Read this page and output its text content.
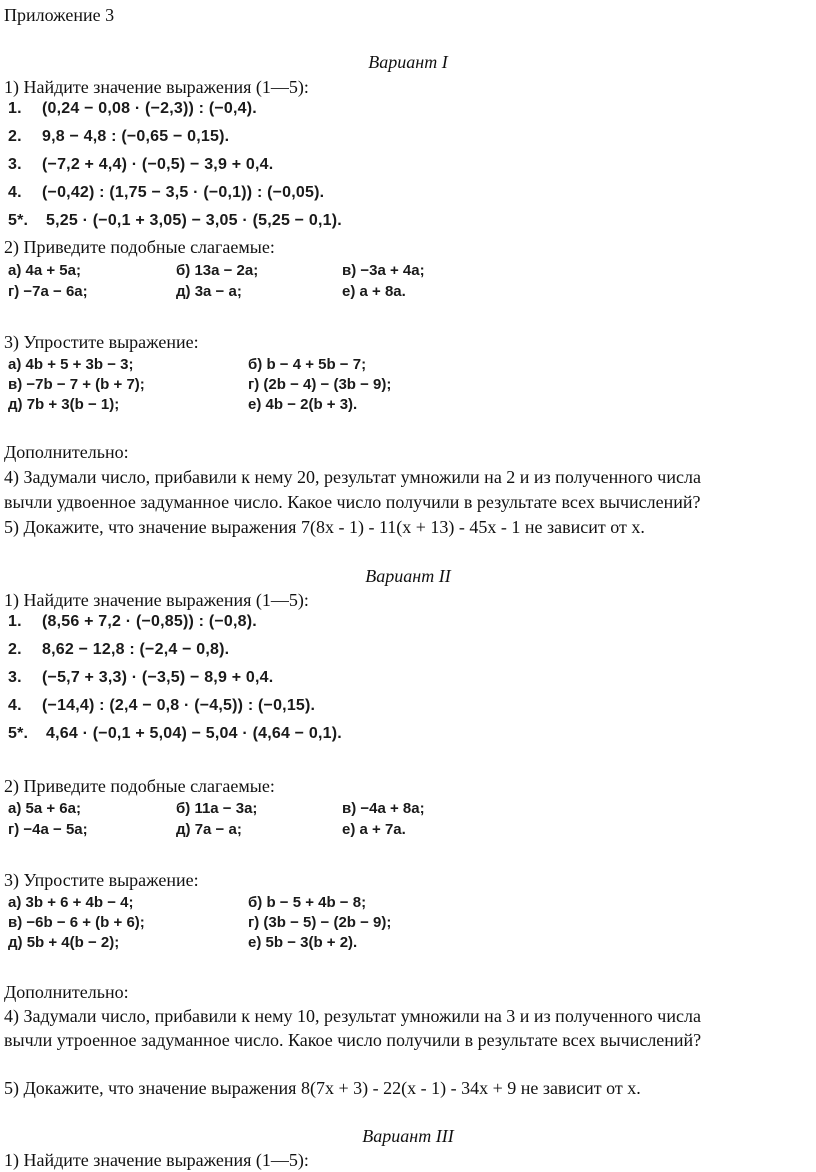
Приложение 3
Вариант I
1) Найдите значение выражения (1—5):
1. (0,24 − 0,08 · (−2,3)) : (−0,4).
2. 9,8 − 4,8 : (−0,65 − 0,15).
3. (−7,2 + 4,4) · (−0,5) − 3,9 + 0,4.
4. (−0,42) : (1,75 − 3,5 · (−0,1)) : (−0,05).
5*. 5,25 · (−0,1 + 3,05) − 3,05 · (5,25 − 0,1).
2) Приведите подобные слагаемые:
а) 4a + 5a;	б) 13a − 2a;	в) −3a + 4a;
г) −7a − 6a;	д) 3a − a;	е) a + 8a.
3) Упростите выражение:
а) 4b + 5 + 3b − 3;	б) b − 4 + 5b − 7;
в) −7b − 7 + (b + 7);	г) (2b − 4) − (3b − 9);
д) 7b + 3(b − 1);	е) 4b − 2(b + 3).
Дополнительно:
4) Задумали число, прибавили к нему 20, результат умножили на 2 и из полученного числа
вычли удвоенное задуманное число. Какое число получили в результате всех вычислений?
5) Докажите, что значение выражения 7(8x - 1) - 11(x + 13) - 45x - 1 не зависит от x.
Вариант II
1) Найдите значение выражения (1—5):
1. (8,56 + 7,2 · (−0,85)) : (−0,8).
2. 8,62 − 12,8 : (−2,4 − 0,8).
3. (−5,7 + 3,3) · (−3,5) − 8,9 + 0,4.
4. (−14,4) : (2,4 − 0,8 · (−4,5)) : (−0,15).
5*. 4,64 · (−0,1 + 5,04) − 5,04 · (4,64 − 0,1).
2) Приведите подобные слагаемые:
а) 5a + 6a;	б) 11a − 3a;	в) −4a + 8a;
г) −4a − 5a;	д) 7a − a;	е) a + 7a.
3) Упростите выражение:
а) 3b + 6 + 4b − 4;	б) b − 5 + 4b − 8;
в) −6b − 6 + (b + 6);	г) (3b − 5) − (2b − 9);
д) 5b + 4(b − 2);	е) 5b − 3(b + 2).
Дополнительно:
4) Задумали число, прибавили к нему 10, результат умножили на 3 и из полученного числа
вычли утроенное задуманное число. Какое число получили в результате всех вычислений?
5) Докажите, что значение выражения 8(7x + 3) - 22(x - 1) - 34x + 9 не зависит от x.
Вариант III
1) Найдите значение выражения (1—5):
